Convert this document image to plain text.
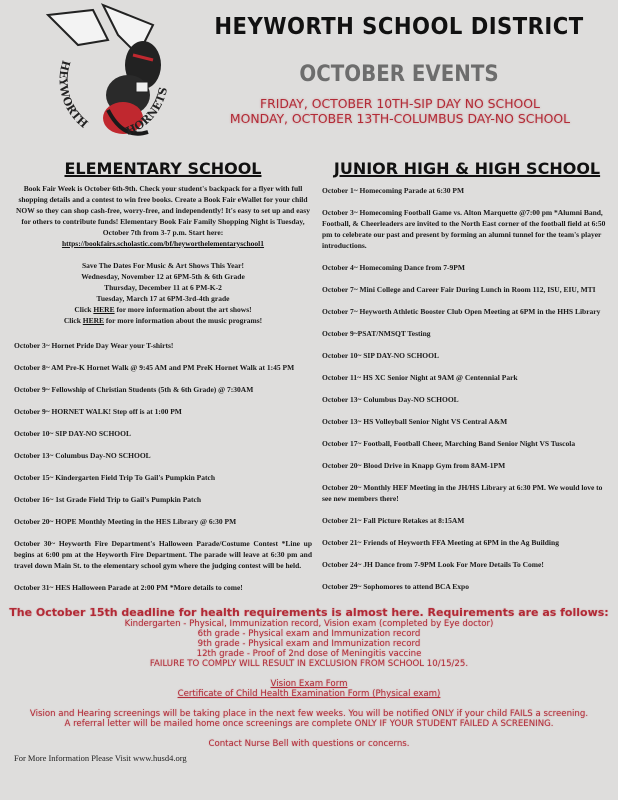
HEYWORTH	HORNETS
HEYWORTH SCHOOL DISTRICT
OCTOBER EVENTS
FRIDAY, OCTOBER 10TH-SIP DAY NO SCHOOL
MONDAY, OCTOBER 13TH-COLUMBUS DAY-NO SCHOOL
ELEMENTARY SCHOOL
Book Fair Week is October 6th-9th. Check your student's backpack for a flyer with full shopping details and a contest to win free books. Create a Book Fair eWallet for your child NOW so they can shop cash-free, worry-free, and independently! It's easy to set up and easy for others to contribute funds! Elementary Book Fair Family Shopping Night is Tuesday, October 7th from 3-7 p.m. Start here:
https://bookfairs.scholastic.com/bf/heyworthelementaryschool1
Save The Dates For Music & Art Shows This Year!
Wednesday, November 12 at 6PM-5th & 6th Grade
Thursday, December 11 at 6 PM-K-2
Tuesday, March 17 at 6PM-3rd-4th grade
Click HERE for more information about the art shows!
Click HERE for more information about the music programs!
October 3~ Hornet Pride Day Wear your T-shirts!
October 8~ AM Pre-K Hornet Walk @ 9:45 AM and PM PreK Hornet Walk at 1:45 PM
October 9~ Fellowship of Christian Students (5th & 6th Grade) @ 7:30AM
October 9~ HORNET WALK! Step off is at 1:00 PM
October 10~ SIP DAY-NO SCHOOL
October 13~ Columbus Day-NO SCHOOL
October 15~ Kindergarten Field Trip To Gail's Pumpkin Patch
October 16~ 1st Grade Field Trip to Gail's Pumpkin Patch
October 20~ HOPE Monthly Meeting in the HES Library @ 6:30 PM
October 30~ Heyworth Fire Department's Halloween Parade/Costume Contest *Line up begins at 6:00 pm at the Heyworth Fire Department. The parade will leave at 6:30 pm and travel down Main St. to the elementary school gym where the judging contest will be held.
October 31~ HES Halloween Parade at 2:00 PM *More details to come!
JUNIOR HIGH & HIGH SCHOOL
October 1~ Homecoming Parade at 6:30 PM
October 3~ Homecoming Football Game vs. Alton Marquette @7:00 pm *Alumni Band, Football, & Cheerleaders are invited to the North East corner of the football field at 6:50 pm to celebrate our past and present by forming an alumni tunnel for the team's player introductions.
October 4~ Homecoming Dance from 7-9PM
October 7~ Mini College and Career Fair During Lunch in Room 112, ISU, EIU, MTI
October 7~ Heyworth Athletic Booster Club Open Meeting at 6PM in the HHS Library
October 9~PSAT/NMSQT Testing
October 10~ SIP DAY-NO SCHOOL
October 11~ HS XC Senior Night at 9AM @ Centennial Park
October 13~ Columbus Day-NO SCHOOL
October 13~ HS Volleyball Senior Night VS Central A&M
October 17~ Football, Football Cheer, Marching Band Senior Night VS Tuscola
October 20~ Blood Drive in Knapp Gym from 8AM-1PM
October 20~ Monthly HEF Meeting in the JH/HS Library at 6:30 PM. We would love to see new members there!
October 21~ Fall Picture Retakes at 8:15AM
October 21~ Friends of Heyworth FFA Meeting at 6PM in the Ag Building
October 24~ JH Dance from 7-9PM Look For More Details To Come!
October 29~ Sophomores to attend BCA Expo
The October 15th deadline for health requirements is almost here. Requirements are as follows:
Kindergarten - Physical, Immunization record, Vision exam (completed by Eye doctor)
6th grade - Physical exam and Immunization record
9th grade - Physical exam and Immunization record
12th grade - Proof of 2nd dose of Meningitis vaccine
FAILURE TO COMPLY WILL RESULT IN EXCLUSION FROM SCHOOL 10/15/25.
Vision Exam Form
Certificate of Child Health Examination Form (Physical exam)
Vision and Hearing screenings will be taking place in the next few weeks. You will be notified ONLY if your child FAILS a screening. A referral letter will be mailed home once screenings are complete ONLY IF YOUR STUDENT FAILED A SCREENING.
Contact Nurse Bell with questions or concerns.
For More Information Please Visit www.husd4.org
